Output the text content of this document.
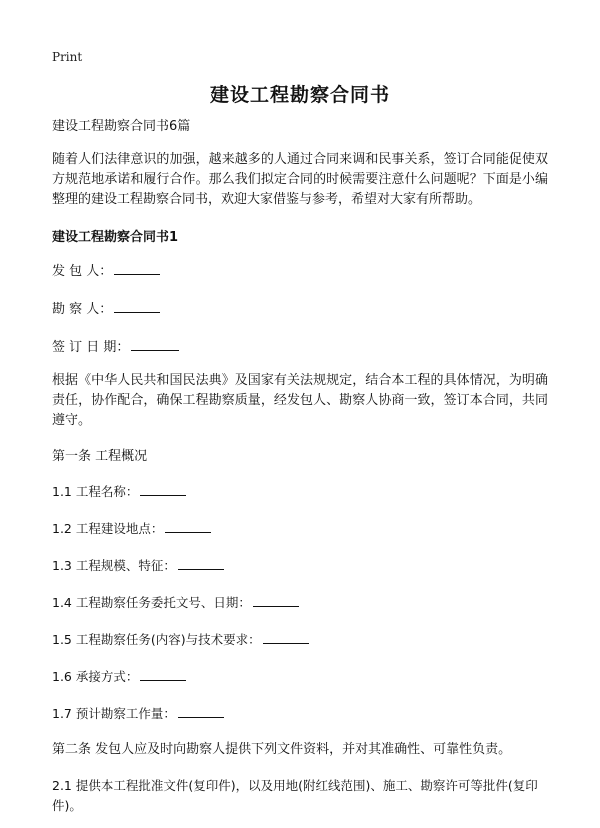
Print

建设工程勘察合同书

建设工程勘察合同书6篇

随着人们法律意识的加强，越来越多的人通过合同来调和民事关系，签订合同能促使双方规范地承诺和履行合作。那么我们拟定合同的时候需要注意什么问题呢？下面是小编整理的建设工程勘察合同书，欢迎大家借鉴与参考，希望对大家有所帮助。

建设工程勘察合同书1

发 包 人：

勘 察 人：

签 订 日 期：

根据《中华人民共和国民法典》及国家有关法规规定，结合本工程的具体情况，为明确责任，协作配合，确保工程勘察质量，经发包人、勘察人协商一致，签订本合同，共同遵守。

第一条 工程概况

1.1 工程名称：

1.2 工程建设地点：

1.3 工程规模、特征：

1.4 工程勘察任务委托文号、日期：

1.5 工程勘察任务(内容)与技术要求：

1.6 承接方式：

1.7 预计勘察工作量：

第二条 发包人应及时向勘察人提供下列文件资料，并对其准确性、可靠性负责。

2.1 提供本工程批准文件(复印件)，以及用地(附红线范围)、施工、勘察许可等批件(复印件)。
